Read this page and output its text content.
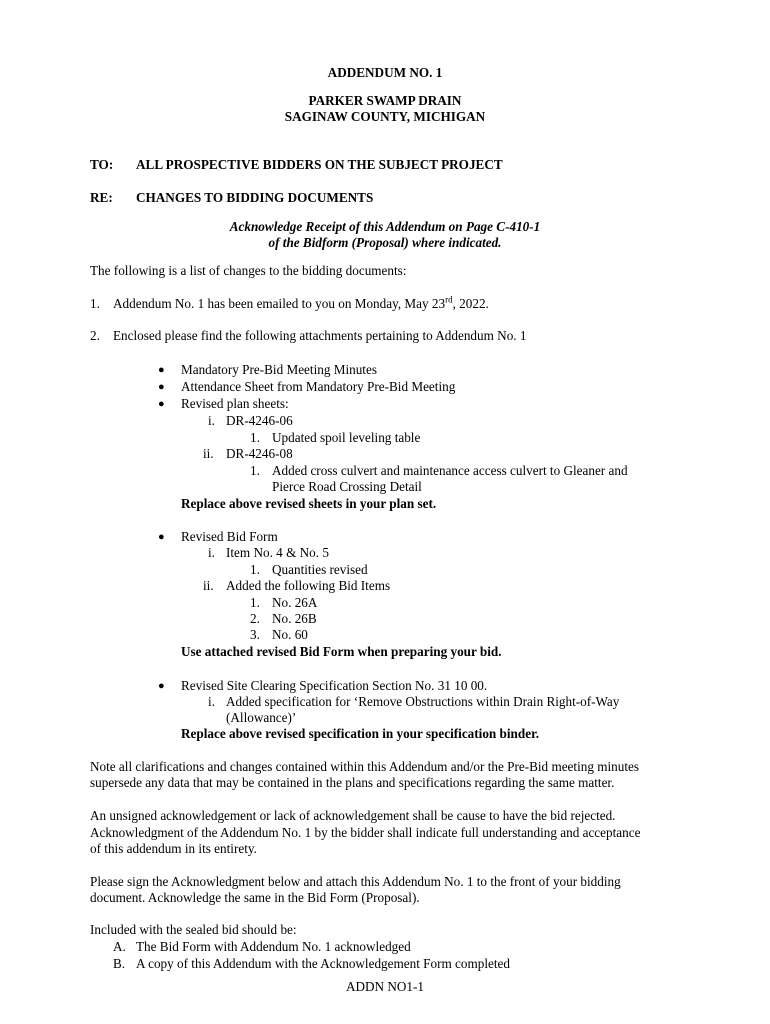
ADDENDUM NO. 1
PARKER SWAMP DRAIN
SAGINAW COUNTY, MICHIGAN
TO: ALL PROSPECTIVE BIDDERS ON THE SUBJECT PROJECT
RE: CHANGES TO BIDDING DOCUMENTS
Acknowledge Receipt of this Addendum on Page C-410-1
of the Bidform (Proposal) where indicated.
The following is a list of changes to the bidding documents:
1. Addendum No. 1 has been emailed to you on Monday, May 23rd, 2022.
2. Enclosed please find the following attachments pertaining to Addendum No. 1
● Mandatory Pre-Bid Meeting Minutes
● Attendance Sheet from Mandatory Pre-Bid Meeting
● Revised plan sheets:
i. DR-4246-06
1. Updated spoil leveling table
ii. DR-4246-08
1. Added cross culvert and maintenance access culvert to Gleaner and
Pierce Road Crossing Detail
Replace above revised sheets in your plan set.
● Revised Bid Form
i. Item No. 4 & No. 5
1. Quantities revised
ii. Added the following Bid Items
1. No. 26A
2. No. 26B
3. No. 60
Use attached revised Bid Form when preparing your bid.
● Revised Site Clearing Specification Section No. 31 10 00.
i. Added specification for ‘Remove Obstructions within Drain Right-of-Way
(Allowance)’
Replace above revised specification in your specification binder.
Note all clarifications and changes contained within this Addendum and/or the Pre-Bid meeting minutes
supersede any data that may be contained in the plans and specifications regarding the same matter.
An unsigned acknowledgement or lack of acknowledgement shall be cause to have the bid rejected.
Acknowledgment of the Addendum No. 1 by the bidder shall indicate full understanding and acceptance
of this addendum in its entirety.
Please sign the Acknowledgment below and attach this Addendum No. 1 to the front of your bidding
document. Acknowledge the same in the Bid Form (Proposal).
Included with the sealed bid should be:
A. The Bid Form with Addendum No. 1 acknowledged
B. A copy of this Addendum with the Acknowledgement Form completed
ADDN NO1-1
